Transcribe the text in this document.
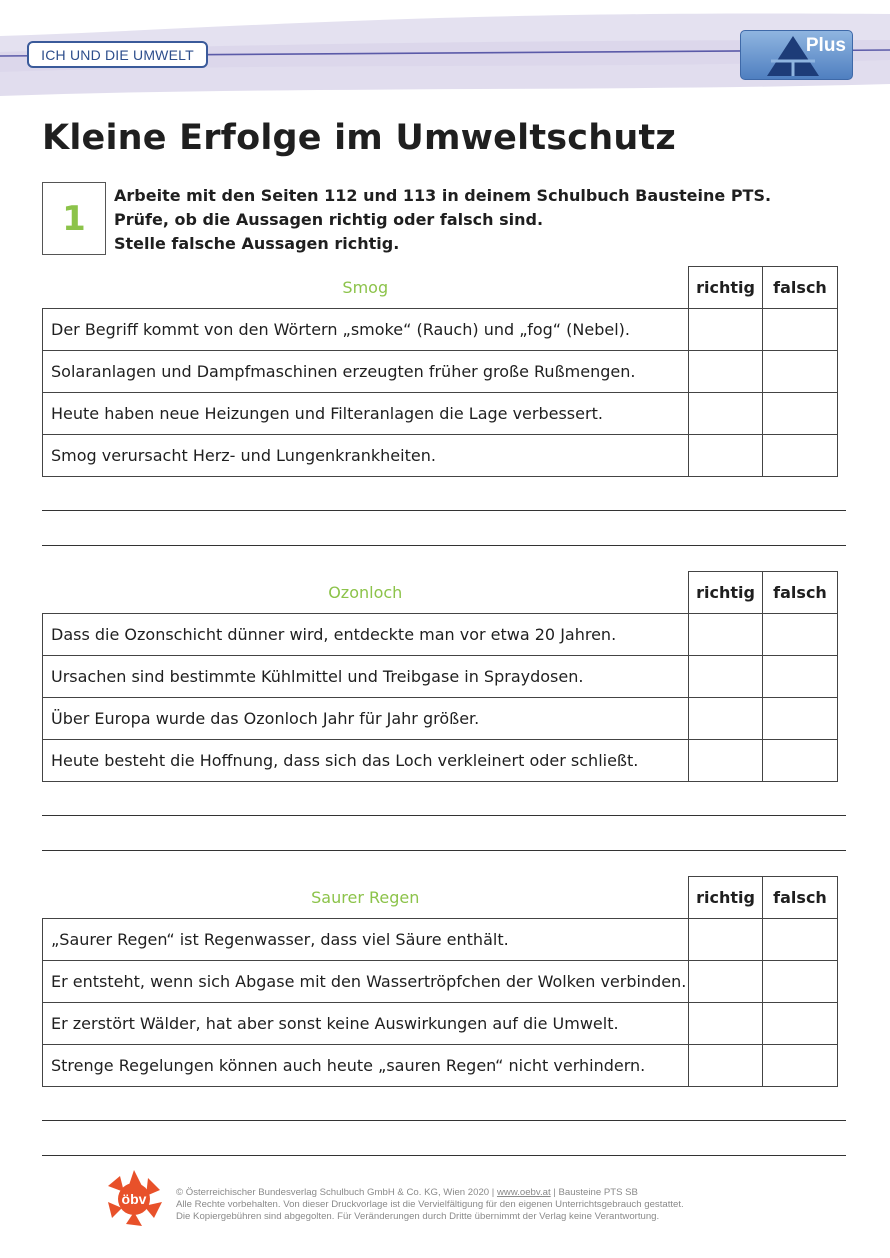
ICH UND DIE UMWELT	Plus
Kleine Erfolge im Umweltschutz
1
Arbeite mit den Seiten 112 und 113 in deinem Schulbuch Bausteine PTS.
Prüfe, ob die Aussagen richtig oder falsch sind.
Stelle falsche Aussagen richtig.
Smog	richtig	falsch
Der Begriff kommt von den Wörtern „smoke“ (Rauch) und „fog“ (Nebel).		
Solaranlagen und Dampfmaschinen erzeugten früher große Rußmengen.		
Heute haben neue Heizungen und Filteranlagen die Lage verbessert.		
Smog verursacht Herz- und Lungenkrankheiten.		
Ozonloch	richtig	falsch
Dass die Ozonschicht dünner wird, entdeckte man vor etwa 20 Jahren.		
Ursachen sind bestimmte Kühlmittel und Treibgase in Spraydosen.		
Über Europa wurde das Ozonloch Jahr für Jahr größer.		
Heute besteht die Hoffnung, dass sich das Loch verkleinert oder schließt.		
Saurer Regen	richtig	falsch
„Saurer Regen“ ist Regenwasser, dass viel Säure enthält.		
Er entsteht, wenn sich Abgase mit den Wassertröpfchen der Wolken verbinden.		
Er zerstört Wälder, hat aber sonst keine Auswirkungen auf die Umwelt.		
Strenge Regelungen können auch heute „sauren Regen“ nicht verhindern.		
öbv	© Österreichischer Bundesverlag Schulbuch GmbH & Co. KG, Wien 2020 | www.oebv.at | Bausteine PTS SB
Alle Rechte vorbehalten. Von dieser Druckvorlage ist die Vervielfältigung für den eigenen Unterrichtsgebrauch gestattet.
Die Kopiergebühren sind abgegolten. Für Veränderungen durch Dritte übernimmt der Verlag keine Verantwortung.
